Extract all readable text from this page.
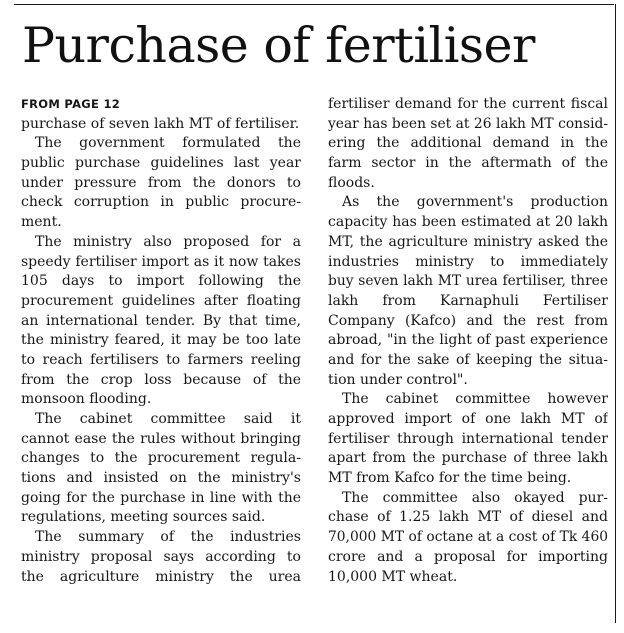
Purchase of fertiliser
FROM PAGE 12
purchase of seven lakh MT of fertiliser.
The government formulated the
public purchase guidelines last year
under pressure from the donors to
check corruption in public procure-
ment.
The ministry also proposed for a
speedy fertiliser import as it now takes
105 days to import following the
procurement guidelines after floating
an international tender. By that time,
the ministry feared, it may be too late
to reach fertilisers to farmers reeling
from the crop loss because of the
monsoon flooding.
The cabinet committee said it
cannot ease the rules without bringing
changes to the procurement regula-
tions and insisted on the ministry's
going for the purchase in line with the
regulations, meeting sources said.
The summary of the industries
ministry proposal says according to
the agriculture ministry the urea
fertiliser demand for the current fiscal
year has been set at 26 lakh MT consid-
ering the additional demand in the
farm sector in the aftermath of the
floods.
As the government's production
capacity has been estimated at 20 lakh
MT, the agriculture ministry asked the
industries ministry to immediately
buy seven lakh MT urea fertiliser, three
lakh from Karnaphuli Fertiliser
Company (Kafco) and the rest from
abroad, "in the light of past experience
and for the sake of keeping the situa-
tion under control".
The cabinet committee however
approved import of one lakh MT of
fertiliser through international tender
apart from the purchase of three lakh
MT from Kafco for the time being.
The committee also okayed pur-
chase of 1.25 lakh MT of diesel and
70,000 MT of octane at a cost of Tk 460
crore and a proposal for importing
10,000 MT wheat.
